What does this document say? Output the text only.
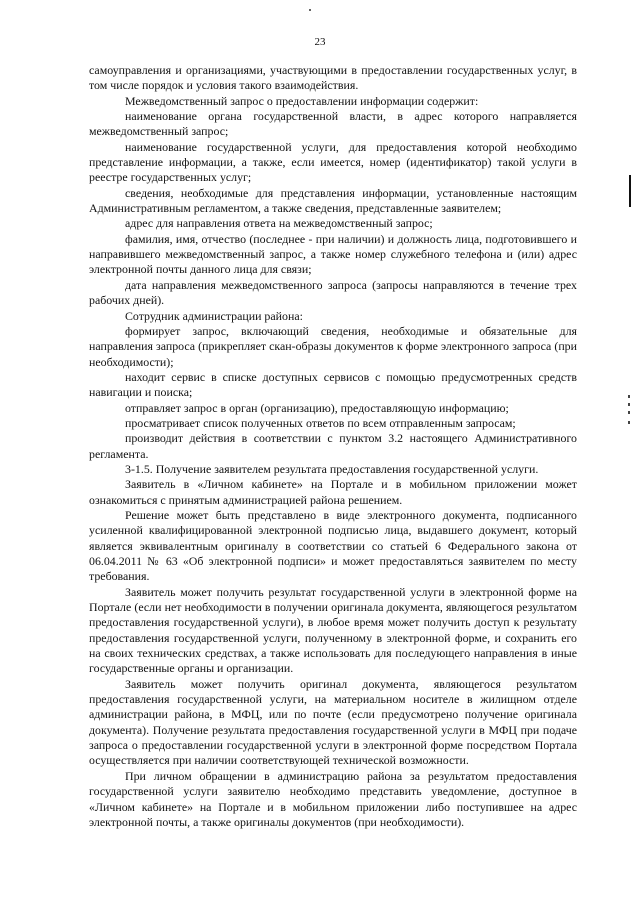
23

самоуправления и организациями, участвующими в предоставлении государственных услуг, в том числе порядок и условия такого взаимодействия.

Межведомственный запрос о предоставлении информации содержит:

наименование органа государственной власти, в адрес которого направляется межведомственный запрос;

наименование государственной услуги, для предоставления которой необходимо представление информации, а также, если имеется, номер (идентификатор) такой услуги в реестре государственных услуг;

сведения, необходимые для представления информации, установленные настоящим Административным регламентом, а также сведения, представленные заявителем;

адрес для направления ответа на межведомственный запрос;

фамилия, имя, отчество (последнее - при наличии) и должность лица, подготовившего и направившего межведомственный запрос, а также номер служебного телефона и (или) адрес электронной почты данного лица для связи;

дата направления межведомственного запроса (запросы направляются в течение трех рабочих дней).

Сотрудник администрации района:

формирует запрос, включающий сведения, необходимые и обязательные для направления запроса (прикрепляет скан-образы документов к форме электронного запроса (при необходимости);

находит сервис в списке доступных сервисов с помощью предусмотренных средств навигации и поиска;

отправляет запрос в орган (организацию), предоставляющую информацию;

просматривает список полученных ответов по всем отправленным запросам;

производит действия в соответствии с пунктом 3.2 настоящего Административного регламента.

3-1.5. Получение заявителем результата предоставления государственной услуги.

Заявитель в «Личном кабинете» на Портале и в мобильном приложении может ознакомиться с принятым администрацией района решением.

Решение может быть представлено в виде электронного документа, подписанного усиленной квалифицированной электронной подписью лица, выдавшего документ, который является эквивалентным оригиналу в соответствии со статьей 6 Федерального закона от 06.04.2011 № 63 «Об электронной подписи» и может предоставляться заявителем по месту требования.

Заявитель может получить результат государственной услуги в электронной форме на Портале (если нет необходимости в получении оригинала документа, являющегося результатом предоставления государственной услуги), в любое время может получить доступ к результату предоставления государственной услуги, полученному в электронной форме, и сохранить его на своих технических средствах, а также использовать для последующего направления в иные государственные органы и организации.

Заявитель может получить оригинал документа, являющегося результатом предоставления государственной услуги, на материальном носителе в жилищном отделе администрации района, в МФЦ, или по почте (если предусмотрено получение оригинала документа). Получение результата предоставления государственной услуги в МФЦ при подаче запроса о предоставлении государственной услуги в электронной форме посредством Портала осуществляется при наличии соответствующей технической возможности.

При личном обращении в администрацию района за результатом предоставления государственной услуги заявителю необходимо представить уведомление, доступное в «Личном кабинете» на Портале и в мобильном приложении либо поступившее на адрес электронной почты, а также оригиналы документов (при необходимости).
